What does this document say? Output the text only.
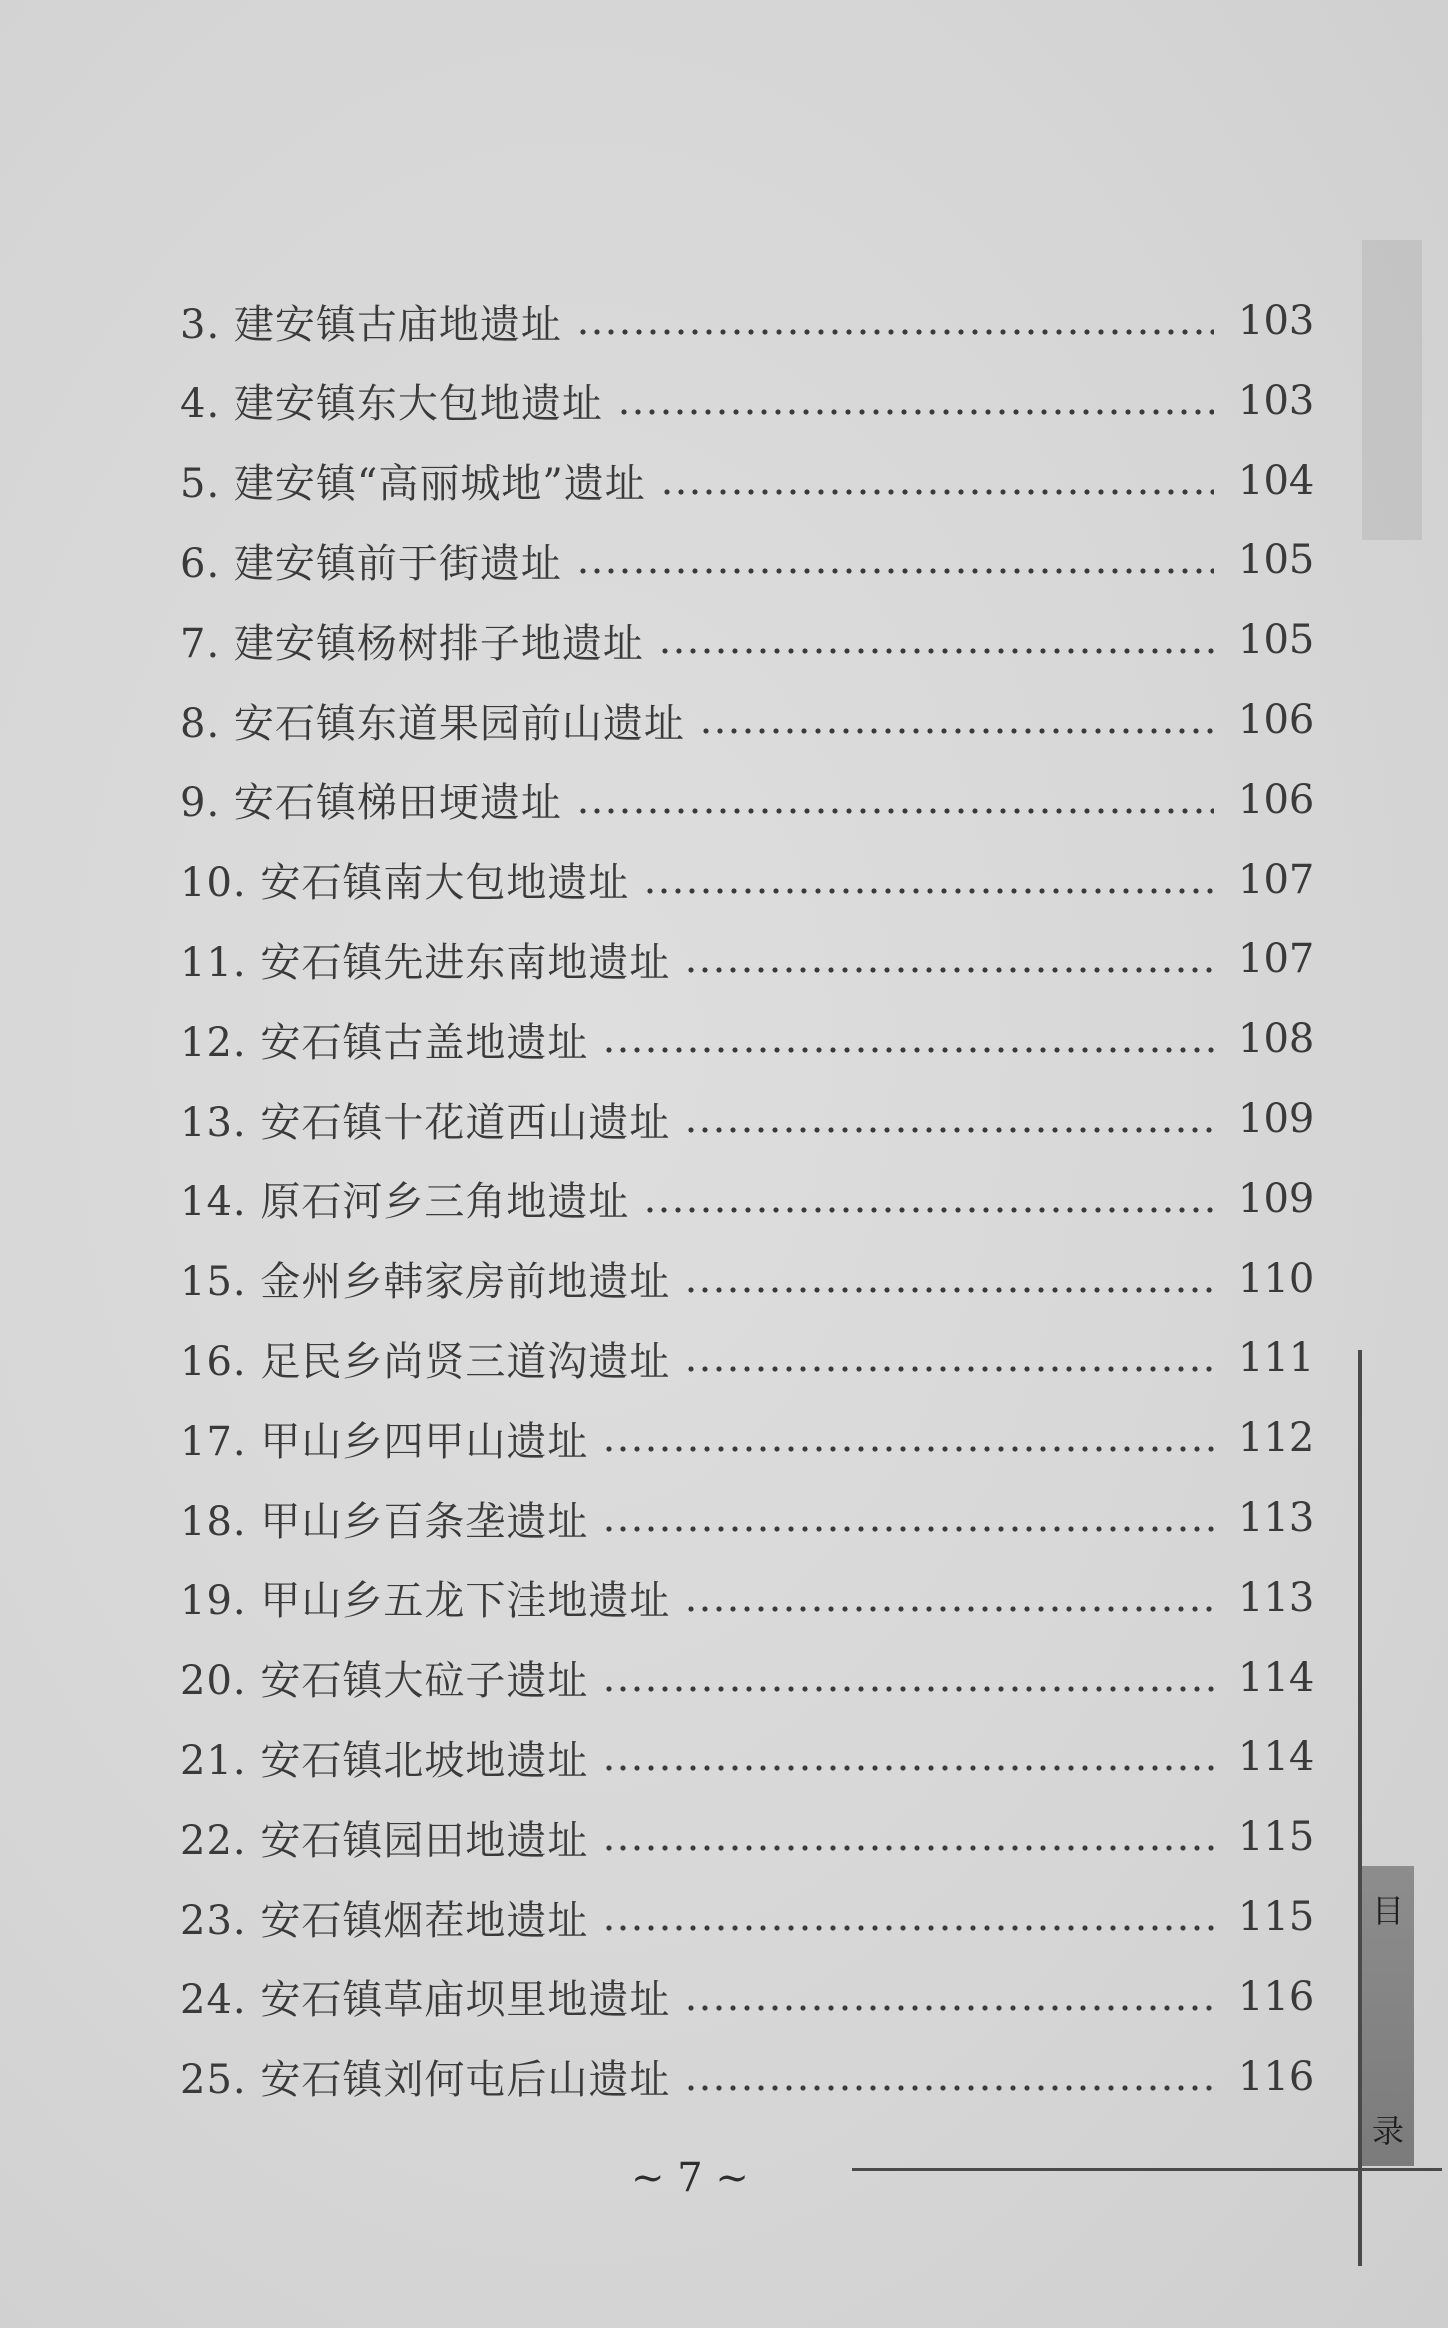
3. 建安镇古庙地遗址	103
4. 建安镇东大包地遗址	103
5. 建安镇“高丽城地”遗址	104
6. 建安镇前于街遗址	105
7. 建安镇杨树排子地遗址	105
8. 安石镇东道果园前山遗址	106
9. 安石镇梯田埂遗址	106
10. 安石镇南大包地遗址	107
11. 安石镇先进东南地遗址	107
12. 安石镇古盖地遗址	108
13. 安石镇十花道西山遗址	109
14. 原石河乡三角地遗址	109
15. 金州乡韩家房前地遗址	110
16. 足民乡尚贤三道沟遗址	111
17. 甲山乡四甲山遗址	112
18. 甲山乡百条垄遗址	113
19. 甲山乡五龙下洼地遗址	113
20. 安石镇大砬子遗址	114
21. 安石镇北坡地遗址	114
22. 安石镇园田地遗址	115
23. 安石镇烟茬地遗址	115
24. 安石镇草庙坝里地遗址	116
25. 安石镇刘何屯后山遗址	116
目
录
~ 7 ~
